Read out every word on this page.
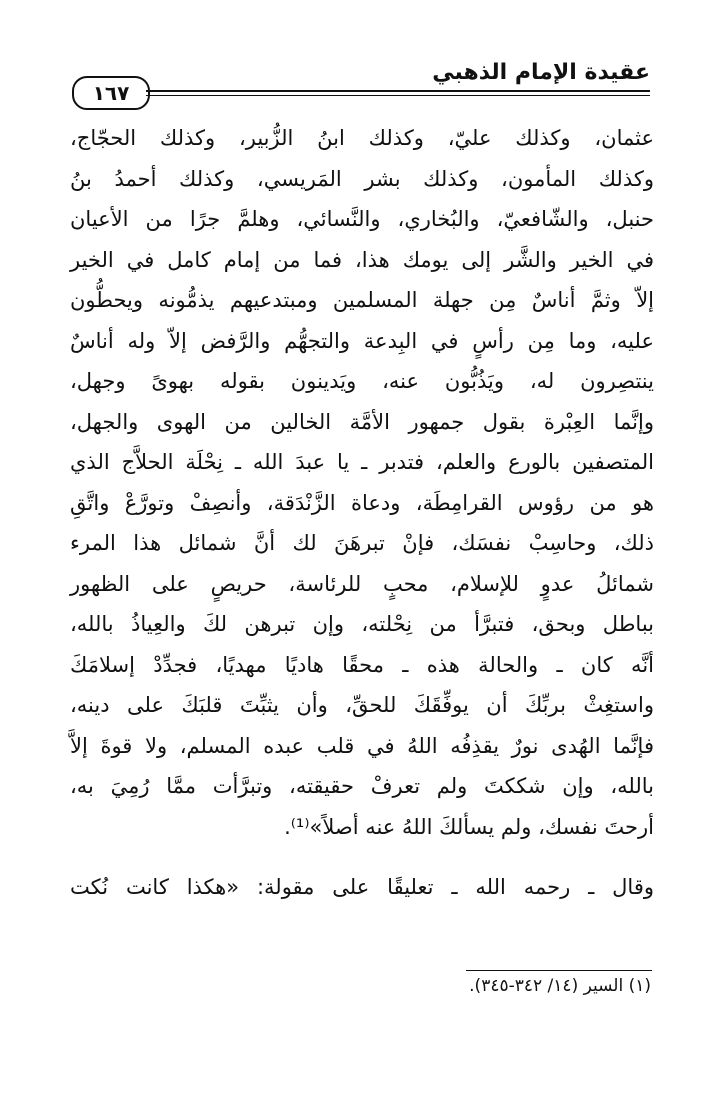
١٦٧
عقيدة الإمام الذهبي
عثمان، وكذلك عليّ، وكذلك ابنُ الزُّبير، وكذلك الحجّاج،
وكذلك المأمون، وكذلك بشر المَريسي، وكذلك أحمدُ بنُ
حنبل، والشّافعيّ، والبُخاري، والنَّسائي، وهلمَّ جرًا من الأعيان
في الخير والشَّر إلى يومك هذا، فما من إمام كامل في الخير
إلاّ وثمَّ أناسٌ مِن جهلة المسلمين ومبتدعيهم يذمُّونه ويحطُّون
عليه، وما مِن رأسٍ في البِدعة والتجهُّم والرَّفض إلاّ وله أناسٌ
ينتصِرون له، ويَذُبُّون عنه، ويَدينون بقوله بهوىً وجهل،
وإنَّما العِبْرة بقول جمهور الأمَّة الخالين من الهوى والجهل،
المتصفين بالورع والعلم، فتدبر ـ يا عبدَ الله ـ نِحْلَة الحلاَّج الذي
هو من رؤوس القرامِطَة، ودعاة الزَّنْدَقة، وأنصِفْ وتورَّعْ واتَّقِ
ذلك، وحاسِبْ نفسَك، فإنْ تبرهَنَ لك أنَّ شمائل هذا المرء
شمائلُ عدوٍ للإسلام، محبٍ للرئاسة، حريصٍ على الظهور
بباطل وبحق، فتبرَّأ من نِحْلته، وإن تبرهن لكَ والعِياذُ بالله،
أنَّه كان ـ والحالة هذه ـ محقًا هاديًا مهديًا، فجدِّدْ إسلامَكَ
واستغِثْ بربِّكَ أن يوفِّقَكَ للحقِّ، وأن يثبِّتَ قلبَكَ على دينه،
فإنَّما الهُدى نورٌ يقذِفُه اللهُ في قلب عبده المسلم، ولا قوةَ إلاَّ
بالله، وإن شككتَ ولم تعرفْ حقيقته، وتبرَّأت ممَّا رُمِيَ به،
أرحتَ نفسك، ولم يسألكَ اللهُ عنه أصلاً»⁽¹⁾.
وقال ـ رحمه الله ـ تعليقًا على مقولة: «هكذا كانت نُكت
(١) السير (١٤/ ٣٤٢-٣٤٥).
